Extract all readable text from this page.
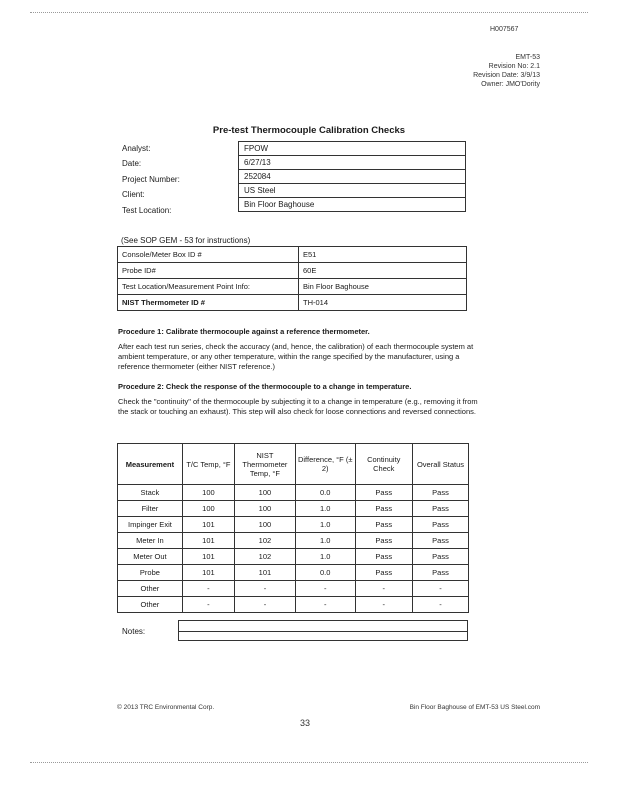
H007567
EMT-53
Revision No: 2.1
Revision Date: 3/9/13
Owner: JMO'Dority
Pre-test Thermocouple Calibration Checks
Analyst:	FPOW
Date:	6/27/13
Project Number:	252084
Client:	US Steel
Test Location:
Bin Floor Baghouse
(See SOP GEM - 53 for instructions)
Console/Meter Box ID #	E51
Probe ID#	60E
Test Location/Measurement Point Info:	Bin Floor Baghouse
NIST Thermometer ID #	TH-014
Procedure 1: Calibrate thermocouple against a reference thermometer.
After each test run series, check the accuracy (and, hence, the calibration) of each thermocouple system at ambient temperature, or any other temperature, within the range specified by the manufacturer, using a reference thermometer (either NIST reference.)
Procedure 2: Check the response of the thermocouple to a change in temperature.
Check the "continuity" of the thermocouple by subjecting it to a change in temperature (e.g., removing it from the stack or touching an exhaust). This step will also check for loose connections and reversed connections.
Measurement	T/C Temp, °F	NIST Thermometer Temp, °F	Difference, °F (± 2)	Continuity Check	Overall Status
Stack	100	100	0.0	Pass	Pass
Filter	100	100	1.0	Pass	Pass
Impinger Exit	101	100	1.0	Pass	Pass
Meter In	101	102	1.0	Pass	Pass
Meter Out	101	102	1.0	Pass	Pass
Probe	101	101	0.0	Pass	Pass
Other	-	-	-	-	-
Other	-	-	-	-	-
Notes:
© 2013 TRC Environmental Corp.	Bin Floor Baghouse of EMT-53 US Steel.com
33
